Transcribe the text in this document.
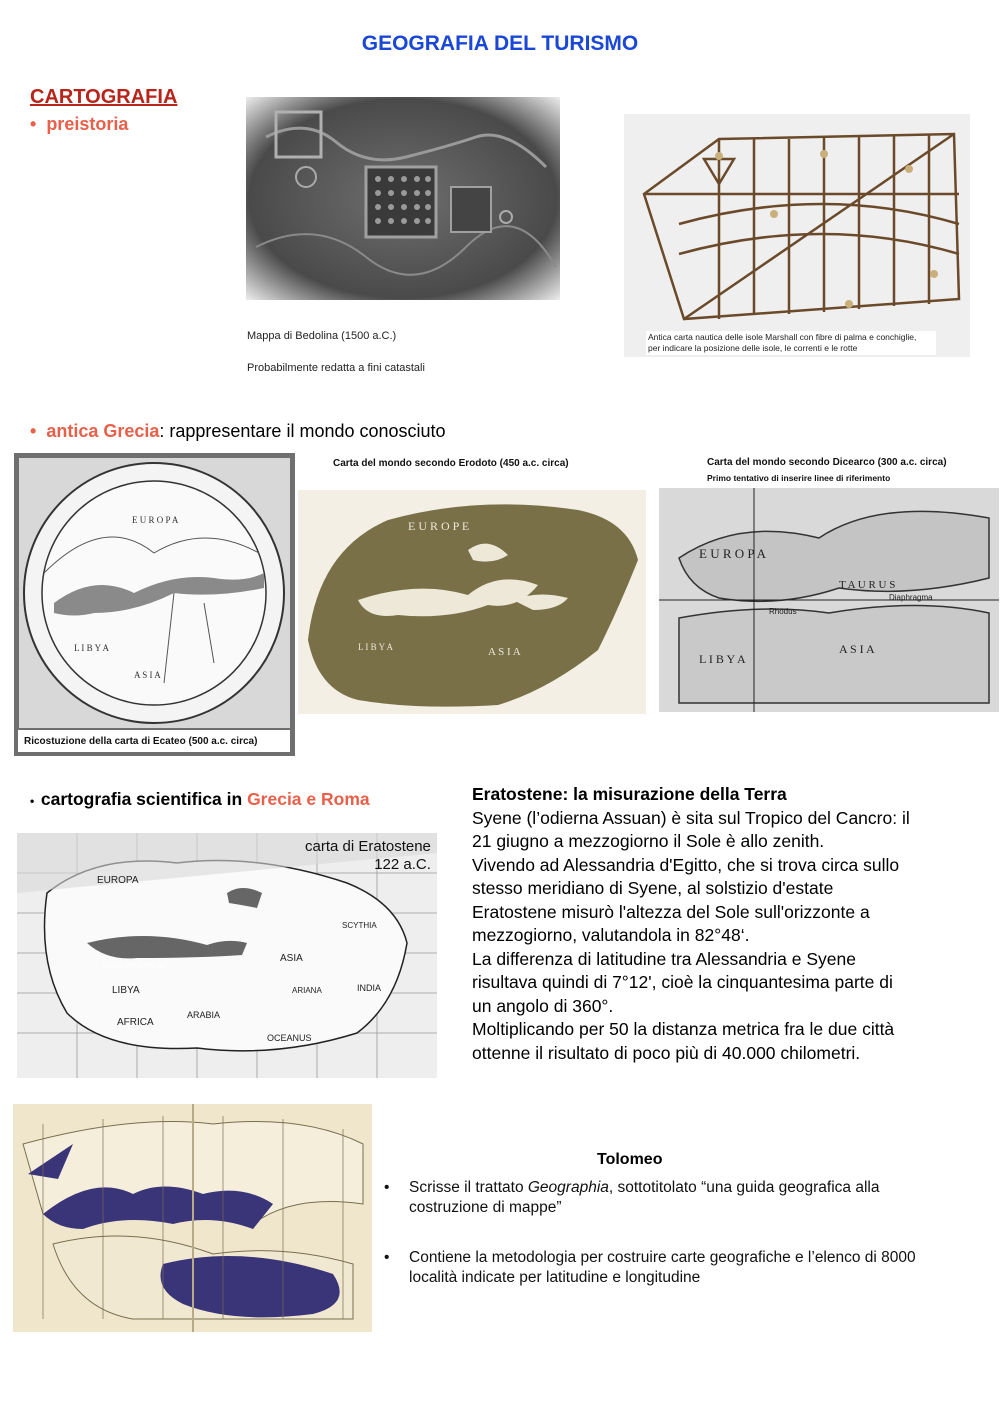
GEOGRAFIA DEL TURISMO
CARTOGRAFIA
•  preistoria
Mappa di Bedolina (1500 a.C.)
Probabilmente redatta a fini catastali
Antica carta nautica delle isole Marshall con fibre di palma e conchiglie,
per indicare la posizione delle isole, le correnti e le rotte
•  antica Grecia: rappresentare il mondo conosciuto
E U R O P A
L I B Y A
A S I A
Ricostuzione della carta di Ecateo (500 a.c. circa)
Carta del mondo secondo Erodoto (450 a.c. circa)
E U R O P E
L I B Y A	A S I A
Carta del mondo secondo Dicearco (300 a.c. circa)
Primo tentativo di inserire linee di riferimento
E U R O P A
T A U R U S
Diaphragma
Rhodus
L I B Y A
A S I A
•  cartografia scientifica in Grecia e Roma
EUROPA
LIBYA
ASIA
INDIA
ARABIA
AFRICA
OCEANUS
MARE INTERNUM
SCYTHIA
ARIANA
carta di Eratostene
122 a.C.
Eratostene: la misurazione della Terra
Syene (l’odierna Assuan) è sita sul Tropico del Cancro: il
21 giugno a mezzogiorno il Sole è allo zenith.
Vivendo ad Alessandria d'Egitto, che si trova circa sullo
stesso meridiano di Syene, al solstizio d'estate
Eratostene misurò l'altezza del Sole sull'orizzonte a
mezzogiorno, valutandola in 82°48‘.
La differenza di latitudine tra Alessandria e Syene
risultava quindi di 7°12', cioè la cinquantesima parte di
un angolo di 360°.
Moltiplicando per 50 la distanza metrica fra le due città
ottenne il risultato di poco più di 40.000 chilometri.
Tolomeo
• Scrisse il trattato Geographia, sottotitolato “una guida geografica alla
costruzione di mappe”
• Contiene la metodologia per costruire carte geografiche e l’elenco di 8000
località indicate per latitudine e longitudine
